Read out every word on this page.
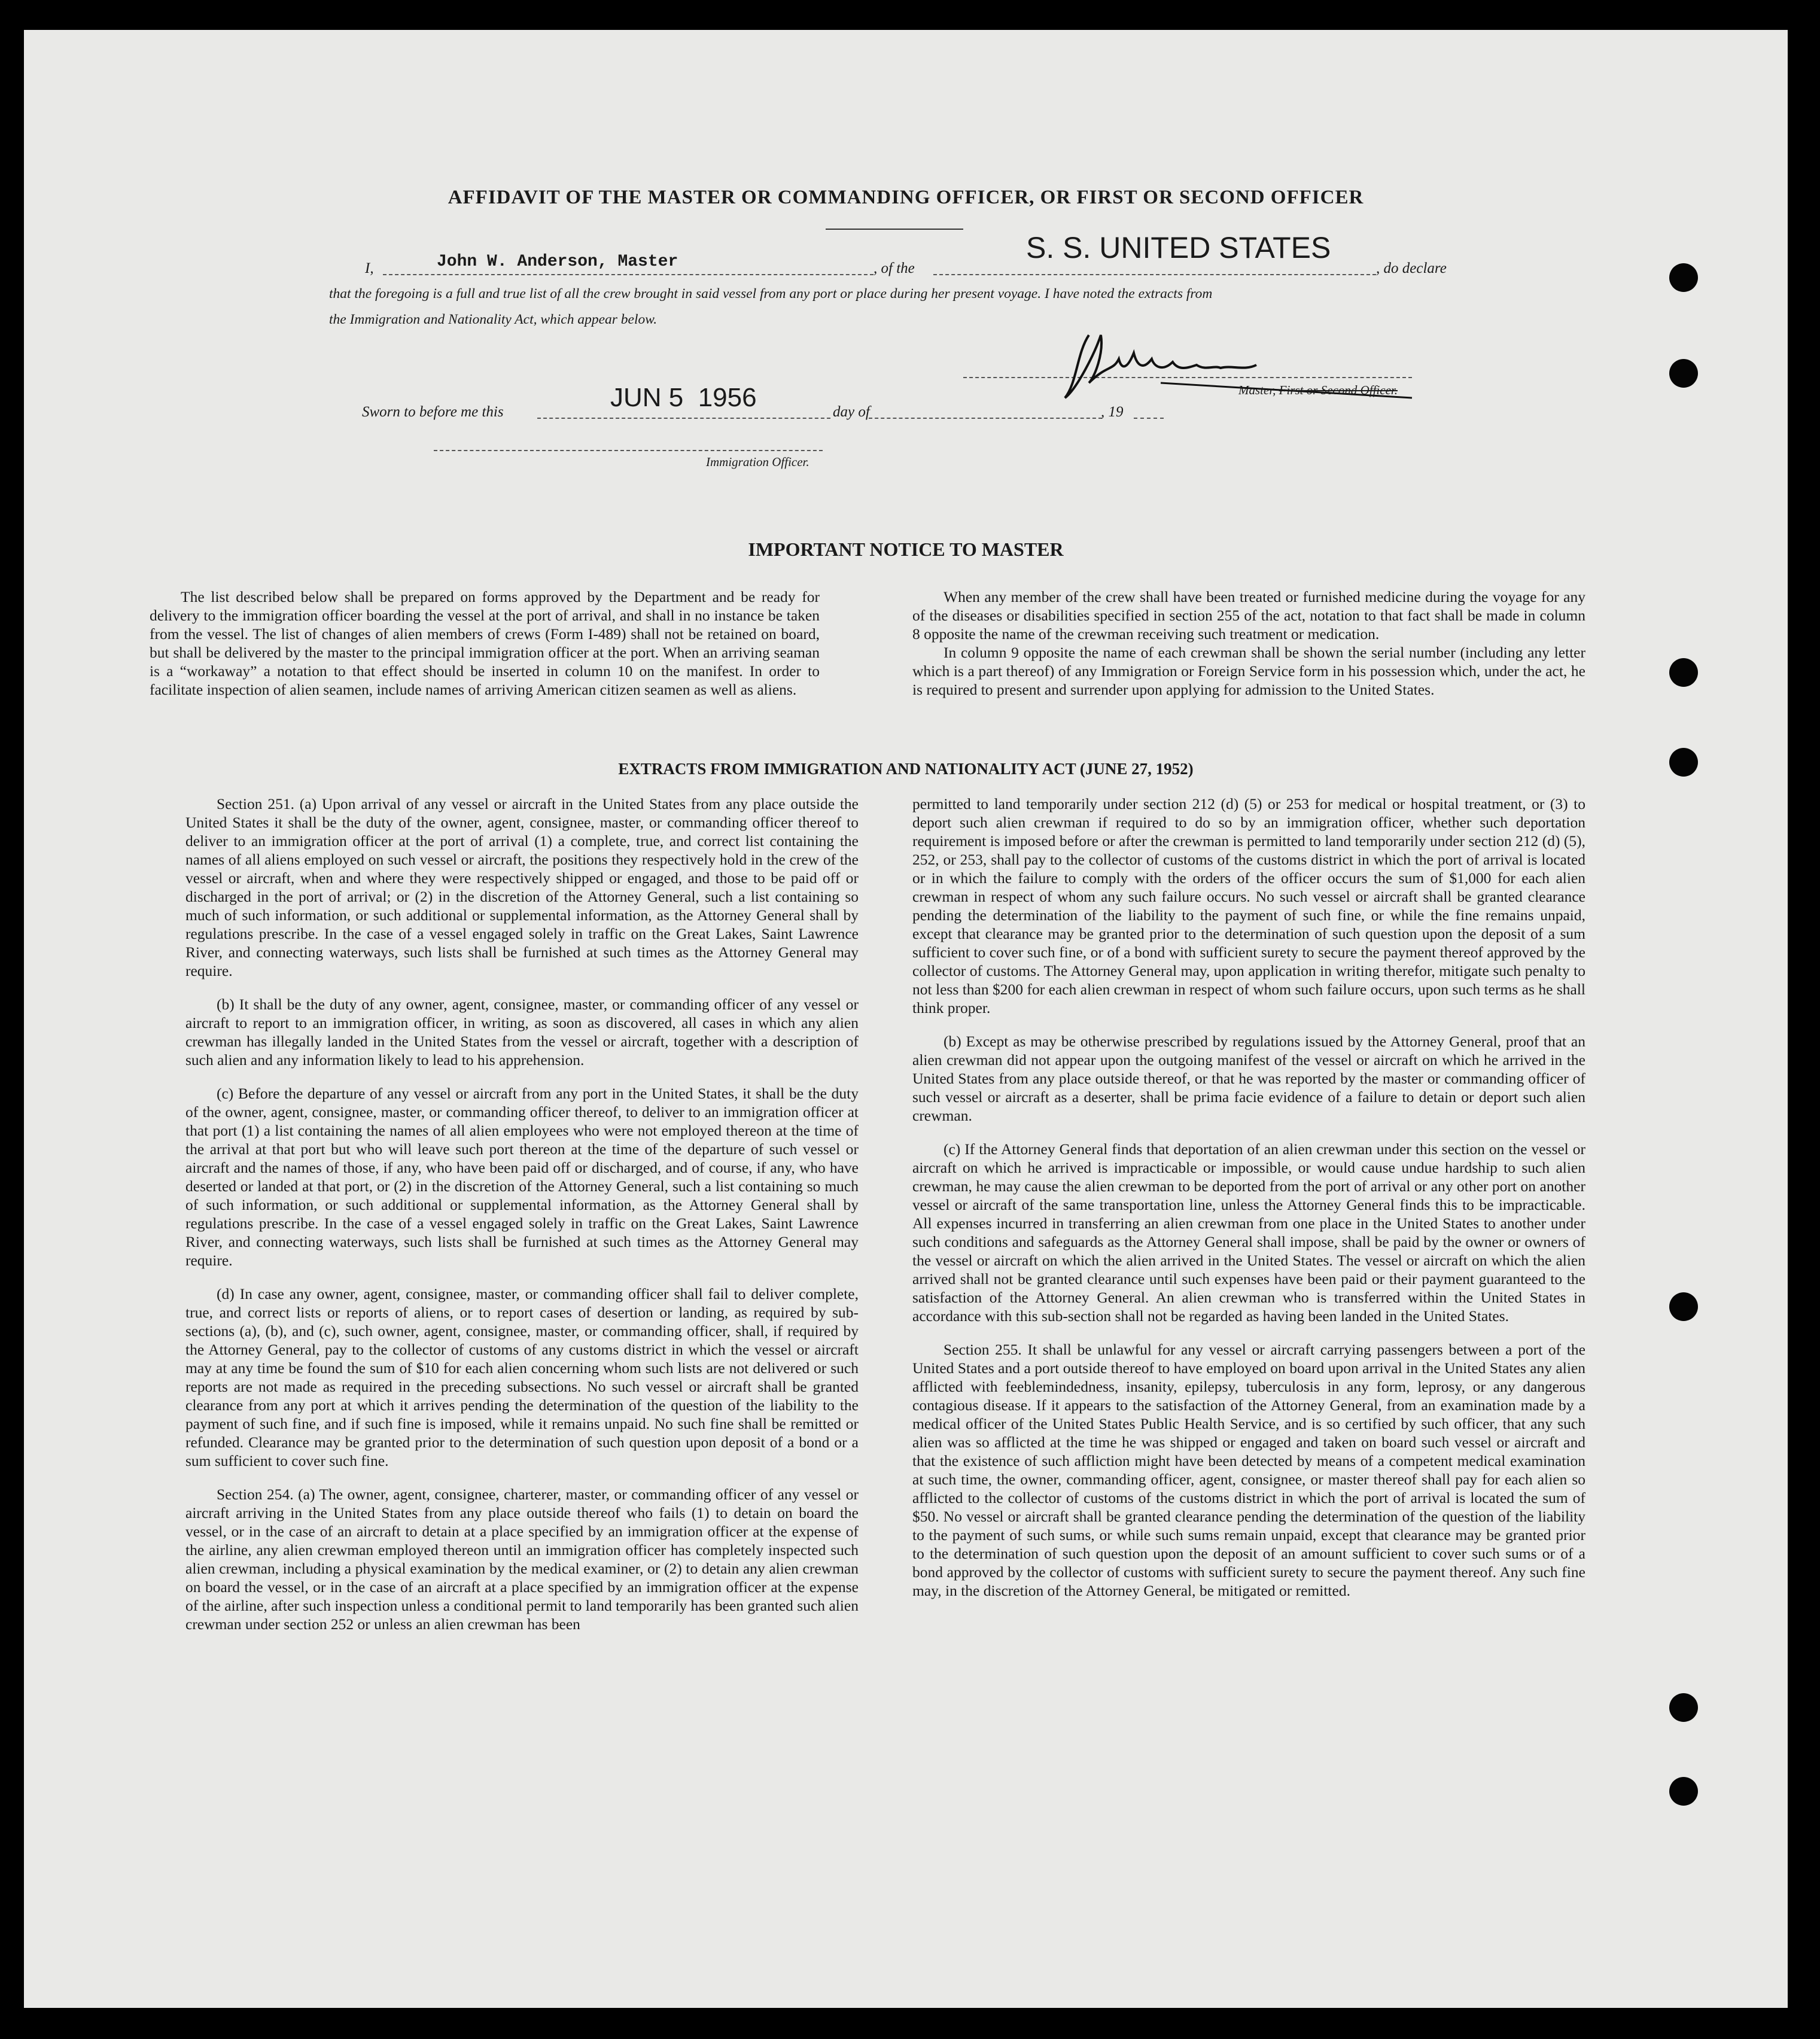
AFFIDAVIT OF THE MASTER OR COMMANDING OFFICER, OR FIRST OR SECOND OFFICER
I,	John W. Anderson, Master	, of the
S. S. UNITED STATES
, do declare
that the foregoing is a full and true list of all the crew brought in said vessel from any port or place during her present voyage. I have noted the extracts from
the Immigration and Nationality Act, which appear below.
Master, First or Second Officer.
Sworn to before me this	JUN 5  1956	day of	, 19
Immigration Officer.
IMPORTANT NOTICE TO MASTER

The list described below shall be prepared on forms approved by the Department and be ready for delivery to the immigration officer boarding the vessel at the port of arrival, and shall in no instance be taken from the vessel. The list of changes of alien members of crews (Form I-489) shall not be retained on board, but shall be delivered by the master to the principal immigration officer at the port. When an arriving seaman is a “workaway” a notation to that effect should be inserted in column 10 on the manifest. In order to facilitate inspection of alien seamen, include names of arriving American citizen seamen as well as aliens.

When any member of the crew shall have been treated or furnished medicine during the voyage for any of the diseases or disabilities specified in section 255 of the act, notation to that fact shall be made in column 8 opposite the name of the crewman receiving such treatment or medication.

In column 9 opposite the name of each crewman shall be shown the serial number (including any letter which is a part thereof) of any Immigration or Foreign Service form in his possession which, under the act, he is required to present and surrender upon applying for admission to the United States.

EXTRACTS FROM IMMIGRATION AND NATIONALITY ACT (JUNE 27, 1952)

Section 251. (a) Upon arrival of any vessel or aircraft in the United States from any place outside the United States it shall be the duty of the owner, agent, consignee, master, or commanding officer thereof to deliver to an immigration officer at the port of arrival (1) a complete, true, and correct list containing the names of all aliens employed on such vessel or aircraft, the positions they respectively hold in the crew of the vessel or aircraft, when and where they were respectively shipped or engaged, and those to be paid off or discharged in the port of arrival; or (2) in the discretion of the Attorney General, such a list containing so much of such information, or such additional or supplemental information, as the Attorney General shall by regulations prescribe. In the case of a vessel engaged solely in traffic on the Great Lakes, Saint Lawrence River, and connecting waterways, such lists shall be furnished at such times as the Attorney General may require.

(b) It shall be the duty of any owner, agent, consignee, master, or commanding officer of any vessel or aircraft to report to an immigration officer, in writing, as soon as discovered, all cases in which any alien crewman has illegally landed in the United States from the vessel or aircraft, together with a description of such alien and any information likely to lead to his apprehension.

(c) Before the departure of any vessel or aircraft from any port in the United States, it shall be the duty of the owner, agent, consignee, master, or commanding officer thereof, to deliver to an immigration officer at that port (1) a list containing the names of all alien employees who were not employed thereon at the time of the arrival at that port but who will leave such port thereon at the time of the departure of such vessel or aircraft and the names of those, if any, who have been paid off or discharged, and of course, if any, who have deserted or landed at that port, or (2) in the discretion of the Attorney General, such a list containing so much of such information, or such additional or supplemental information, as the Attorney General shall by regulations prescribe. In the case of a vessel engaged solely in traffic on the Great Lakes, Saint Lawrence River, and connecting waterways, such lists shall be furnished at such times as the Attorney General may require.

(d) In case any owner, agent, consignee, master, or commanding officer shall fail to deliver complete, true, and correct lists or reports of aliens, or to report cases of desertion or landing, as required by sub-sections (a), (b), and (c), such owner, agent, consignee, master, or commanding officer, shall, if required by the Attorney General, pay to the collector of customs of any customs district in which the vessel or aircraft may at any time be found the sum of $10 for each alien concerning whom such lists are not delivered or such reports are not made as required in the preceding subsections. No such vessel or aircraft shall be granted clearance from any port at which it arrives pending the determination of the question of the liability to the payment of such fine, and if such fine is imposed, while it remains unpaid. No such fine shall be remitted or refunded. Clearance may be granted prior to the determination of such question upon deposit of a bond or a sum sufficient to cover such fine.

Section 254. (a) The owner, agent, consignee, charterer, master, or commanding officer of any vessel or aircraft arriving in the United States from any place outside thereof who fails (1) to detain on board the vessel, or in the case of an aircraft to detain at a place specified by an immigration officer at the expense of the airline, any alien crewman employed thereon until an immigration officer has completely inspected such alien crewman, including a physical examination by the medical examiner, or (2) to detain any alien crewman on board the vessel, or in the case of an aircraft at a place specified by an immigration officer at the expense of the airline, after such inspection unless a conditional permit to land temporarily has been granted such alien crewman under section 252 or unless an alien crewman has been

permitted to land temporarily under section 212 (d) (5) or 253 for medical or hospital treatment, or (3) to deport such alien crewman if required to do so by an immigration officer, whether such deportation requirement is imposed before or after the crewman is permitted to land temporarily under section 212 (d) (5), 252, or 253, shall pay to the collector of customs of the customs district in which the port of arrival is located or in which the failure to comply with the orders of the officer occurs the sum of $1,000 for each alien crewman in respect of whom any such failure occurs. No such vessel or aircraft shall be granted clearance pending the determination of the liability to the payment of such fine, or while the fine remains unpaid, except that clearance may be granted prior to the determination of such question upon the deposit of a sum sufficient to cover such fine, or of a bond with sufficient surety to secure the payment thereof approved by the collector of customs. The Attorney General may, upon application in writing therefor, mitigate such penalty to not less than $200 for each alien crewman in respect of whom such failure occurs, upon such terms as he shall think proper.

(b) Except as may be otherwise prescribed by regulations issued by the Attorney General, proof that an alien crewman did not appear upon the outgoing manifest of the vessel or aircraft on which he arrived in the United States from any place outside thereof, or that he was reported by the master or commanding officer of such vessel or aircraft as a deserter, shall be prima facie evidence of a failure to detain or deport such alien crewman.

(c) If the Attorney General finds that deportation of an alien crewman under this section on the vessel or aircraft on which he arrived is impracticable or impossible, or would cause undue hardship to such alien crewman, he may cause the alien crewman to be deported from the port of arrival or any other port on another vessel or aircraft of the same transportation line, unless the Attorney General finds this to be impracticable. All expenses incurred in transferring an alien crewman from one place in the United States to another under such conditions and safeguards as the Attorney General shall impose, shall be paid by the owner or owners of the vessel or aircraft on which the alien arrived in the United States. The vessel or aircraft on which the alien arrived shall not be granted clearance until such expenses have been paid or their payment guaranteed to the satisfaction of the Attorney General. An alien crewman who is transferred within the United States in accordance with this sub-section shall not be regarded as having been landed in the United States.

Section 255. It shall be unlawful for any vessel or aircraft carrying passengers between a port of the United States and a port outside thereof to have employed on board upon arrival in the United States any alien afflicted with feeblemindedness, insanity, epilepsy, tuberculosis in any form, leprosy, or any dangerous contagious disease. If it appears to the satisfaction of the Attorney General, from an examination made by a medical officer of the United States Public Health Service, and is so certified by such officer, that any such alien was so afflicted at the time he was shipped or engaged and taken on board such vessel or aircraft and that the existence of such affliction might have been detected by means of a competent medical examination at such time, the owner, commanding officer, agent, consignee, or master thereof shall pay for each alien so afflicted to the collector of customs of the customs district in which the port of arrival is located the sum of $50. No vessel or aircraft shall be granted clearance pending the determination of the question of the liability to the payment of such sums, or while such sums remain unpaid, except that clearance may be granted prior to the determination of such question upon the deposit of an amount sufficient to cover such sums or of a bond approved by the collector of customs with sufficient surety to secure the payment thereof. Any such fine may, in the discretion of the Attorney General, be mitigated or remitted.
